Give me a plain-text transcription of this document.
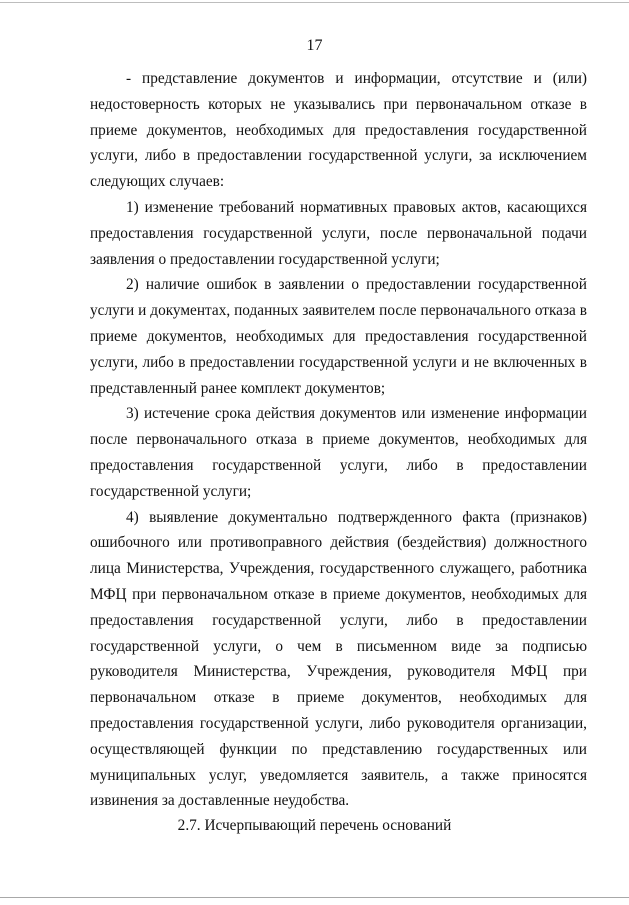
17

- представление документов и информации, отсутствие и (или) недостоверность которых не указывались при первоначальном отказе в приеме документов, необходимых для предоставления государственной услуги, либо в предоставлении государственной услуги, за исключением следующих случаев:

1) изменение требований нормативных правовых актов, касающихся предоставления государственной услуги, после первоначальной подачи заявления о предоставлении государственной услуги;

2) наличие ошибок в заявлении о предоставлении государственной услуги и документах, поданных заявителем после первоначального отказа в приеме документов, необходимых для предоставления государственной услуги, либо в предоставлении государственной услуги и не включенных в представленный ранее комплект документов;

3) истечение срока действия документов или изменение информации после первоначального отказа в приеме документов, необходимых для предоставления государственной услуги, либо в предоставлении государственной услуги;

4) выявление документально подтвержденного факта (признаков) ошибочного или противоправного действия (бездействия) должностного лица Министерства, Учреждения, государственного служащего, работника МФЦ при первоначальном отказе в приеме документов, необходимых для предоставления государственной услуги, либо в предоставлении государственной услуги, о чем в письменном виде за подписью руководителя Министерства, Учреждения, руководителя МФЦ при первоначальном отказе в приеме документов, необходимых для предоставления государственной услуги, либо руководителя организации, осуществляющей функции по представлению государственных или муниципальных услуг, уведомляется заявитель, а также приносятся извинения за доставленные неудобства.

2.7. Исчерпывающий перечень оснований
